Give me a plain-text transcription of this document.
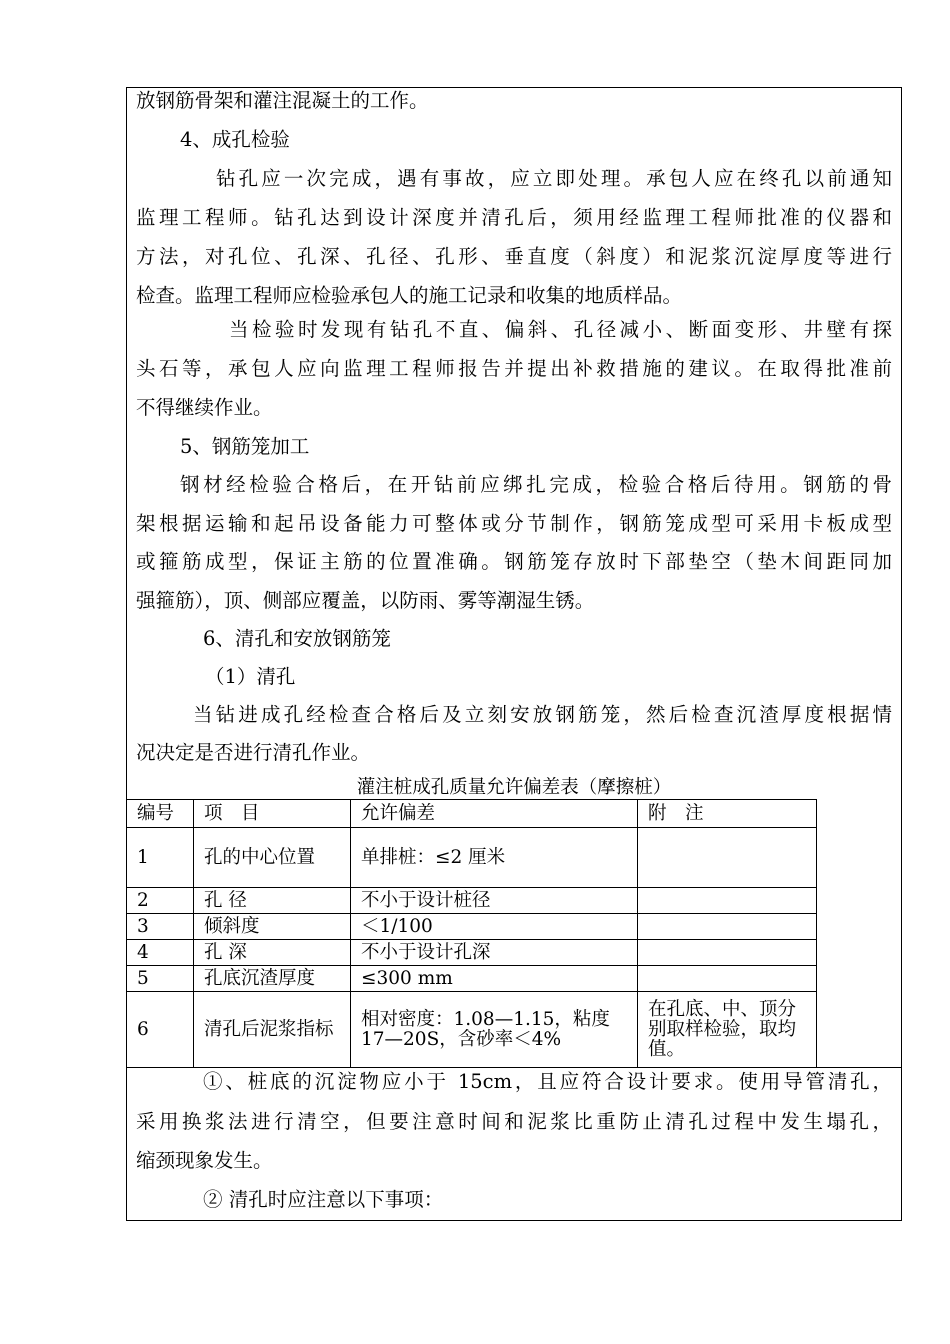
放钢筋骨架和灌注混凝土的工作。
4、成孔检验
钻孔应一次完成，遇有事故，应立即处理。承包人应在终孔以前通知
监理工程师。钻孔达到设计深度并清孔后，须用经监理工程师批准的仪器和
方法，对孔位、孔深、孔径、孔形、垂直度（斜度）和泥浆沉淀厚度等进行
检查。监理工程师应检验承包人的施工记录和收集的地质样品。
当检验时发现有钻孔不直、偏斜、孔径减小、断面变形、井壁有探
头石等，承包人应向监理工程师报告并提出补救措施的建议。在取得批准前
不得继续作业。
5、钢筋笼加工
钢材经检验合格后，在开钻前应绑扎完成，检验合格后待用。钢筋的骨
架根据运输和起吊设备能力可整体或分节制作，钢筋笼成型可采用卡板成型
或箍筋成型，保证主筋的位置准确。钢筋笼存放时下部垫空（垫木间距同加
强箍筋），顶、侧部应覆盖，以防雨、雾等潮湿生锈。
6、清孔和安放钢筋笼
（1）清孔
当钻进成孔经检查合格后及立刻安放钢筋笼，然后检查沉渣厚度根据情
况决定是否进行清孔作业。
灌注桩成孔质量允许偏差表（摩擦桩）
编号	项　目	允许偏差	附　注
1	孔的中心位置	单排桩：≤2 厘米	
2	孔 径	不小于设计桩径	
3	倾斜度	＜1/100	
4	孔 深	不小于设计孔深	
5	孔底沉渣厚度	≤300 mm	
6	清孔后泥浆指标	相对密度：1.08—1.15，粘度 17—20S，含砂率＜4%	在孔底、中、顶分别取样检验，取均值。
①、桩底的沉淀物应小于 15cm，且应符合设计要求。使用导管清孔，
采用换浆法进行清空，但要注意时间和泥浆比重防止清孔过程中发生塌孔，
缩颈现象发生。
② 清孔时应注意以下事项：
